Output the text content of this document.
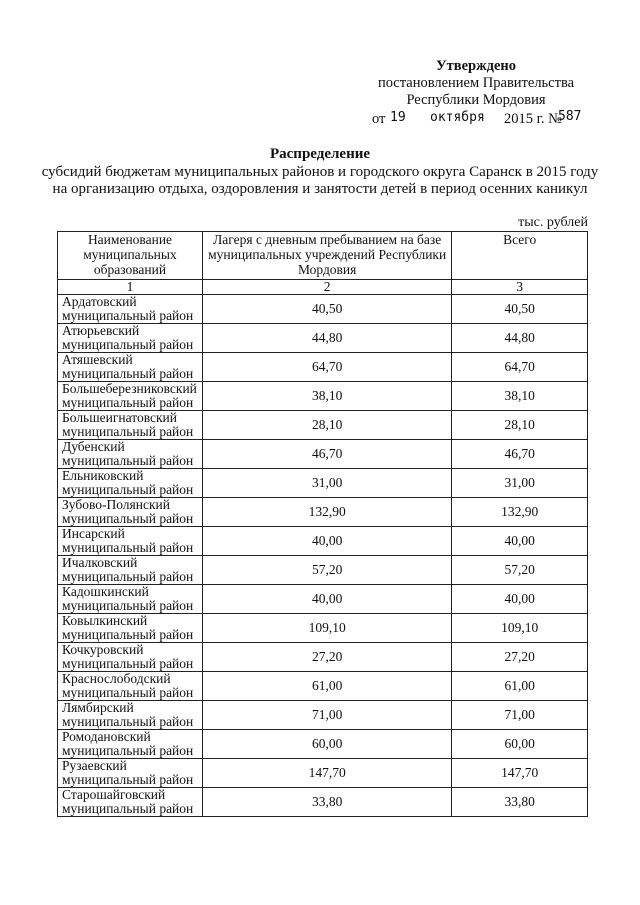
Утверждено
постановлением Правительства
Республики Мордовия
от 19 октября 2015 г. №
587
Распределение
субсидий бюджетам муниципальных районов и городского округа Саранск в 2015 году на организацию отдыха, оздоровления и занятости детей в период осенних каникул
тыс. рублей
Наименование муниципальных образований	Лагеря с дневным пребыванием на базе муниципальных учреждений Республики Мордовия	Всего
1	2	3

Ардатовский
муниципальный район	40,50	40,50

Атюрьевский
муниципальный район	44,80	44,80

Атяшевский
муниципальный район	64,70	64,70

Большеберезниковский
муниципальный район	38,10	38,10

Большеигнатовский
муниципальный район	28,10	28,10

Дубенский
муниципальный район	46,70	46,70

Ельниковский
муниципальный район	31,00	31,00

Зубово-Полянский
муниципальный район	132,90	132,90

Инсарский
муниципальный район	40,00	40,00

Ичалковский
муниципальный район	57,20	57,20

Кадошкинский
муниципальный район	40,00	40,00

Ковылкинский
муниципальный район	109,10	109,10

Кочкуровский
муниципальный район	27,20	27,20

Краснослободский
муниципальный район	61,00	61,00

Лямбирский
муниципальный район	71,00	71,00

Ромодановский
муниципальный район	60,00	60,00

Рузаевский
муниципальный район	147,70	147,70

Старошайговский
муниципальный район	33,80	33,80
